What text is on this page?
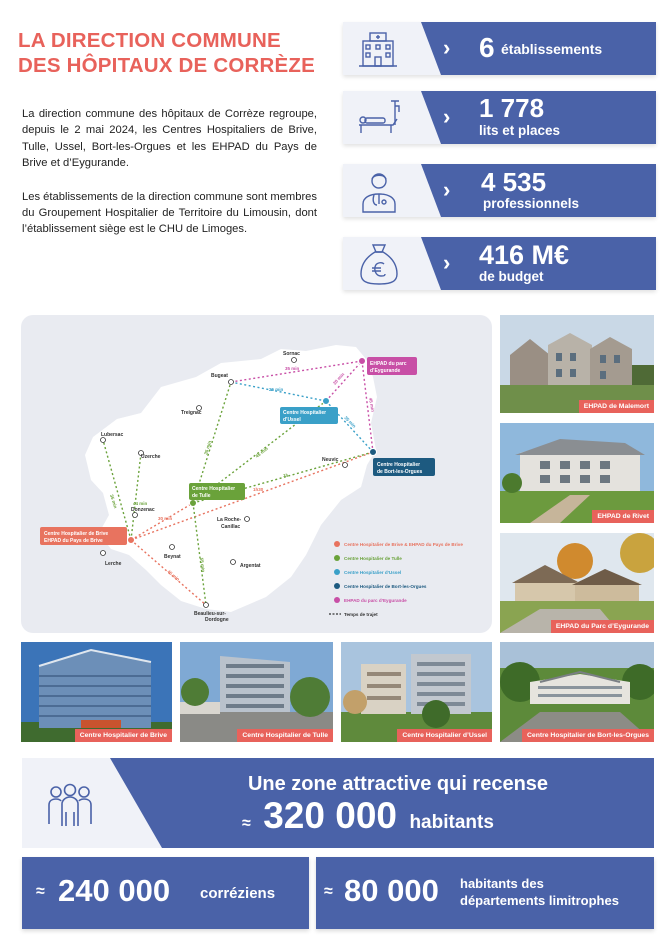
LA DIRECTION COMMUNE
DES HÔPITAUX DE CORRÈZE

La direction commune des hôpitaux de Corrèze regroupe, depuis le 2 mai 2024, les Centres Hospitaliers de Brive, Tulle, Ussel, Bort-les-Orgues et les EHPAD du Pays de Brive et d’Eygurande.

Les établissements de la direction commune sont membres du Groupement Hospitalier de Territoire du Limousin, dont l’établissement siège est le CHU de Limoges.

› 6 établissements
› 1 778
lits et places
› 4 535
professionnels
› 416 M€
de budget
35 min	44 min
30 min
45 min
1h30
35 min	45 min
1h
55 min
25 min
35 min
20 min
35 min
45 min
Sornac
Bugeat
Treignac
Lubersac
Uzerche	Neuvic
Donzenac
La Roche-
Canillac
Lerche
Beynat
Argentat
Beaulieu-sur-
Dordogne
Centre Hospitalier de Brive
EHPAD du Pays de Brive
Centre Hospitalier
de Tulle
Centre Hospitalier
d’Ussel
Centre Hospitalier
de Bort-les-Orgues
EHPAD du parc
d’Eygurande
Centre Hospitalier de Brive & EHPAD du Pays de Brive
Centre Hospitalier de Tulle
Centre Hospitalier d’Ussel
Centre Hospitalier de Bort-les-Orgues
EHPAD du parc d’Eygurande
Temps de trajet
EHPAD de Malemort
EHPAD de Rivet
EHPAD du Parc d’Eygurande
Centre Hospitalier de Brive	Centre Hospitalier de Tulle	Centre Hospitalier d’Ussel	Centre Hospitalier de Bort-les-Orgues
Une zone attractive qui recense
≈ 320 000 habitants
≈ 240 000 corréziens	≈ 80 000 habitants des
départements limitrophes
